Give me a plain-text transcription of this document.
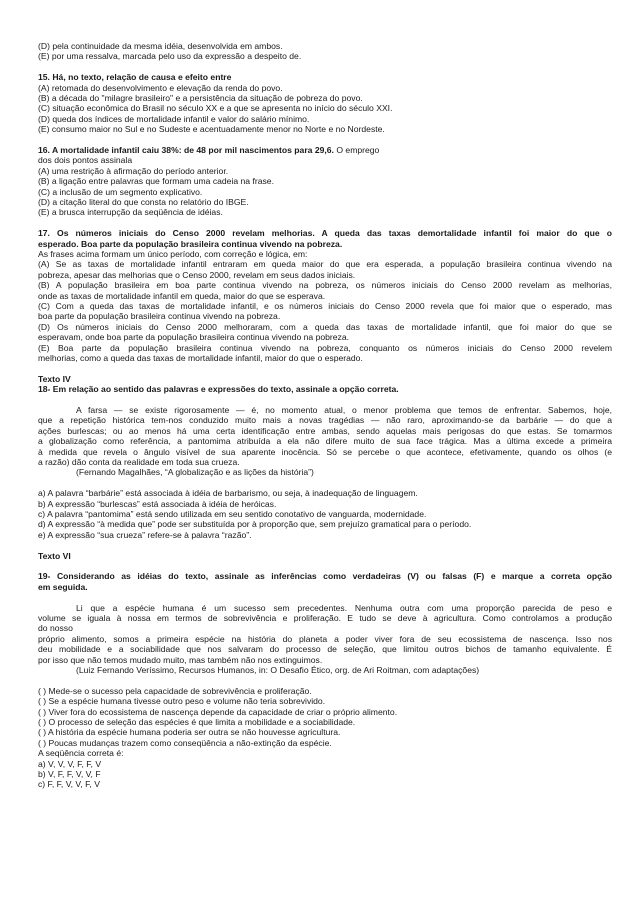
(D) pela continuidade da mesma idéia, desenvolvida em ambos.
(E) por uma ressalva, marcada pelo uso da expressão a despeito de.
15. Há, no texto, relação de causa e efeito entre
(A) retomada do desenvolvimento e elevação da renda do povo.
(B) a década do "milagre brasileiro" e a persistência da situação de pobreza do povo.
(C) situação econômica do Brasil no século XX e a que se apresenta no início do século XXI.
(D) queda dos índices de mortalidade infantil e valor do salário mínimo.
(E) consumo maior no Sul e no Sudeste e acentuadamente menor no Norte e no Nordeste.
16. A mortalidade infantil caiu 38%: de 48 por mil nascimentos para 29,6. O emprego
dos dois pontos assinala
(A) uma restrição à afirmação do período anterior.
(B) a ligação entre palavras que formam uma cadeia na frase.
(C) a inclusão de um segmento explicativo.
(D) a citação literal do que consta no relatório do IBGE.
(E) a brusca interrupção da seqüência de idéias.
17. Os números iniciais do Censo 2000 revelam melhorias. A queda das taxas demortalidade infantil foi maior do que o
esperado. Boa parte da população brasileira continua vivendo na pobreza.
As frases acima formam um único período, com correção e lógica, em:
(A) Se as taxas de mortalidade infantil entraram em queda maior do que era esperada, a população brasileira continua vivendo na
pobreza, apesar das melhorias que o Censo 2000, revelam em seus dados iniciais.
(B) A população brasileira em boa parte continua vivendo na pobreza, os números iniciais do Censo 2000 revelam as melhorias,
onde as taxas de mortalidade infantil em queda, maior do que se esperava.
(C) Com a queda das taxas de mortalidade infantil, e os números iniciais do Censo 2000 revela que foi maior que o esperado, mas
boa parte da população brasileira continua vivendo na pobreza.
(D) Os números iniciais do Censo 2000 melhoraram, com a queda das taxas de mortalidade infantil, que foi maior do que se
esperavam, onde boa parte da população brasileira continua vivendo na pobreza.
(E) Boa parte da população brasileira continua vivendo na pobreza, conquanto os números iniciais do Censo 2000 revelem
melhorias, como a queda das taxas de mortalidade infantil, maior do que o esperado.
Texto IV
18- Em relação ao sentido das palavras e expressões do texto, assinale a opção correta.
A farsa — se existe rigorosamente — é, no momento atual, o menor problema que temos de enfrentar. Sabemos, hoje,
que a repetição histórica tem-nos conduzido muito mais a novas tragédias — não raro, aproximando-se da barbárie — do que a
ações burlescas; ou ao menos há uma certa identificação entre ambas, sendo aquelas mais perigosas do que estas. Se tomarmos
a globalização como referência, a pantomima atribuída a ela não difere muito de sua face trágica. Mas a última excede a primeira
à medida que revela o ângulo visível de sua aparente inocência. Só se percebe o que acontece, efetivamente, quando os olhos (e
a razão) dão conta da realidade em toda sua crueza.
(Fernando Magalhães, “A globalização e as lições da história”)
a) A palavra “barbárie” está associada à idéia de barbarismo, ou seja, à inadequação de linguagem.
b) A expressão “burlescas” está associada à idéia de heróicas.
c) A palavra “pantomima” está sendo utilizada em seu sentido conotativo de vanguarda, modernidade.
d) A expressão “à medida que” pode ser substituída por à proporção que, sem prejuízo gramatical para o período.
e) A expressão “sua crueza” refere-se à palavra “razão”.
Texto VI
19- Considerando as idéias do texto, assinale as inferências como verdadeiras (V) ou falsas (F) e marque a correta opção
em seguida.
Li que a espécie humana é um sucesso sem precedentes. Nenhuma outra com uma proporção parecida de peso e
volume se iguala à nossa em termos de sobrevivência e proliferação. E tudo se deve à agricultura. Como controlamos a produção
do nosso
próprio alimento, somos a primeira espécie na história do planeta a poder viver fora de seu ecossistema de nascença. Isso nos
deu mobilidade e a sociabilidade que nos salvaram do processo de seleção, que limitou outros bichos de tamanho equivalente. É
por isso que não temos mudado muito, mas também não nos extinguimos.
(Luiz Fernando Veríssimo, Recursos Humanos, in: O Desafio Ético, org. de Ari Roitman, com adaptações)
( ) Mede-se o sucesso pela capacidade de sobrevivência e proliferação.
( ) Se a espécie humana tivesse outro peso e volume não teria sobrevivido.
( ) Viver fora do ecossistema de nascença depende da capacidade de criar o próprio alimento.
( ) O processo de seleção das espécies é que limita a mobilidade e a sociabilidade.
( ) A história da espécie humana poderia ser outra se não houvesse agricultura.
( ) Poucas mudanças trazem como conseqüência a não-extinção da espécie.
A seqüência correta é:
a) V, V, V, F, F, V
b) V, F, F, V, V, F
c) F, F, V, V, F, V
